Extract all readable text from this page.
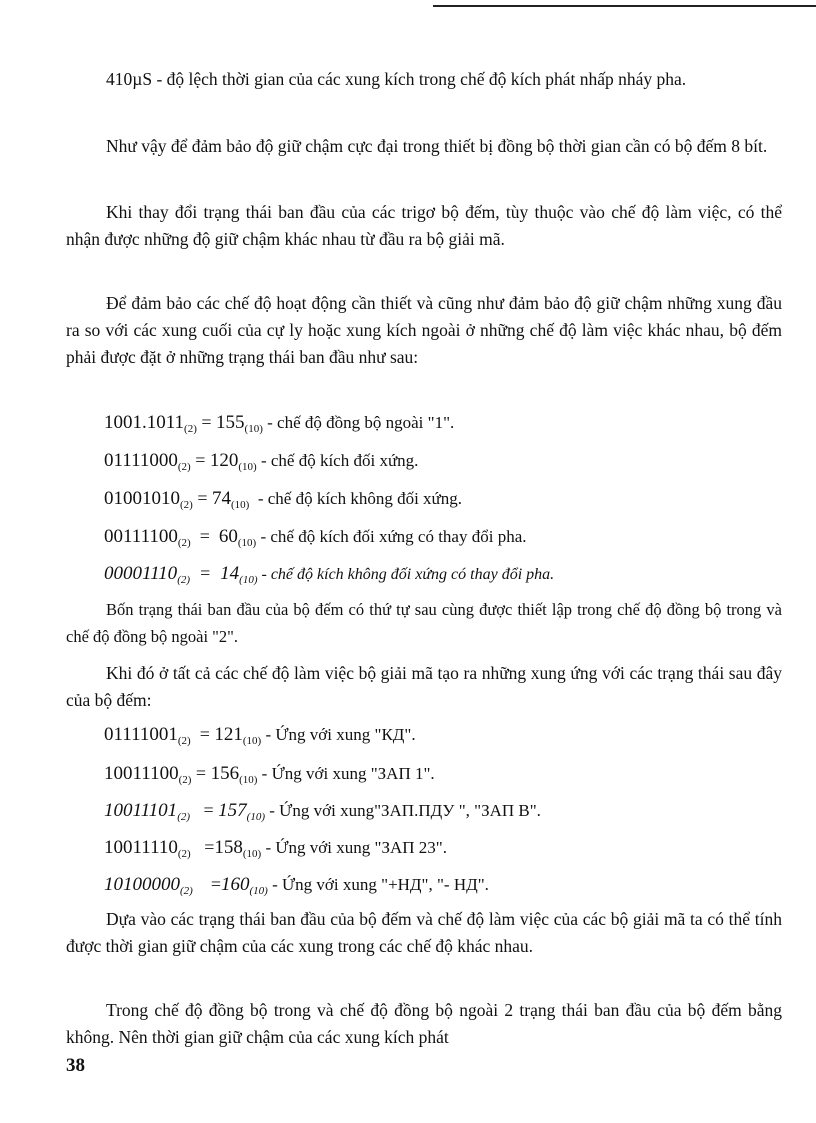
410µS - độ lệch thời gian của các xung kích trong chế độ kích phát nhấp nháy pha.

Như vậy để đảm bảo độ giữ chậm cực đại trong thiết bị đồng bộ thời gian cần có bộ đếm 8 bít.

Khi thay đổi trạng thái ban đầu của các trigơ bộ đếm, tùy thuộc vào chế độ làm việc, có thể nhận được những độ giữ chậm khác nhau từ đầu ra bộ giải mã.

Để đảm bảo các chế độ hoạt động cần thiết và cũng như đảm bảo độ giữ chậm những xung đầu ra so với các xung cuối của cự ly hoặc xung kích ngoài ở những chế độ làm việc khác nhau, bộ đếm phải được đặt ở những trạng thái ban đầu như sau:

$1001.1011_{(2)} = 155_{(10)}$ - chế độ đồng bộ ngoài "1".
$01111000_{(2)} = 120_{(10)}$ - chế độ kích đối xứng.
$01001010_{(2)} = 74_{(10)}$  - chế độ kích không đối xứng.
$00111100_{(2)} = 60_{(10)}$ - chế độ kích đối xứng có thay đổi pha.
$00001110_{(2)} = 14_{(10)}$ - chế độ kích không đối xứng có thay đổi pha.

Bốn trạng thái ban đầu của bộ đếm có thứ tự sau cùng được thiết lập trong chế độ đồng bộ trong và chế độ đồng bộ ngoài "2".

Khi đó ở tất cả các chế độ làm việc bộ giải mã tạo ra những xung ứng với các trạng thái sau đây của bộ đếm:

$01111001_{(2)} = 121_{(10)}$ - Ứng với xung "КД".
$10011100_{(2)} = 156_{(10)}$ - Ứng với xung "ЗАП 1".
$10011101_{(2)} = 157_{(10)}$ - Ứng với xung"ЗАП.ПДУ ", "ЗАП В".
$10011110_{(2)} =158_{(10)}$ - Ứng với xung "ЗАП 23".
$10100000_{(2)}$    $=160_{(10)}$ - Ứng với xung "+НД", "- НД".

Dựa vào các trạng thái ban đầu của bộ đếm và chế độ làm việc của các bộ giải mã ta có thể tính được thời gian giữ chậm của các xung trong các chế độ khác nhau.

Trong chế độ đồng bộ trong và chế độ đồng bộ ngoài 2 trạng thái ban đầu của bộ đếm bằng không. Nên thời gian giữ chậm của các xung kích phát

38
